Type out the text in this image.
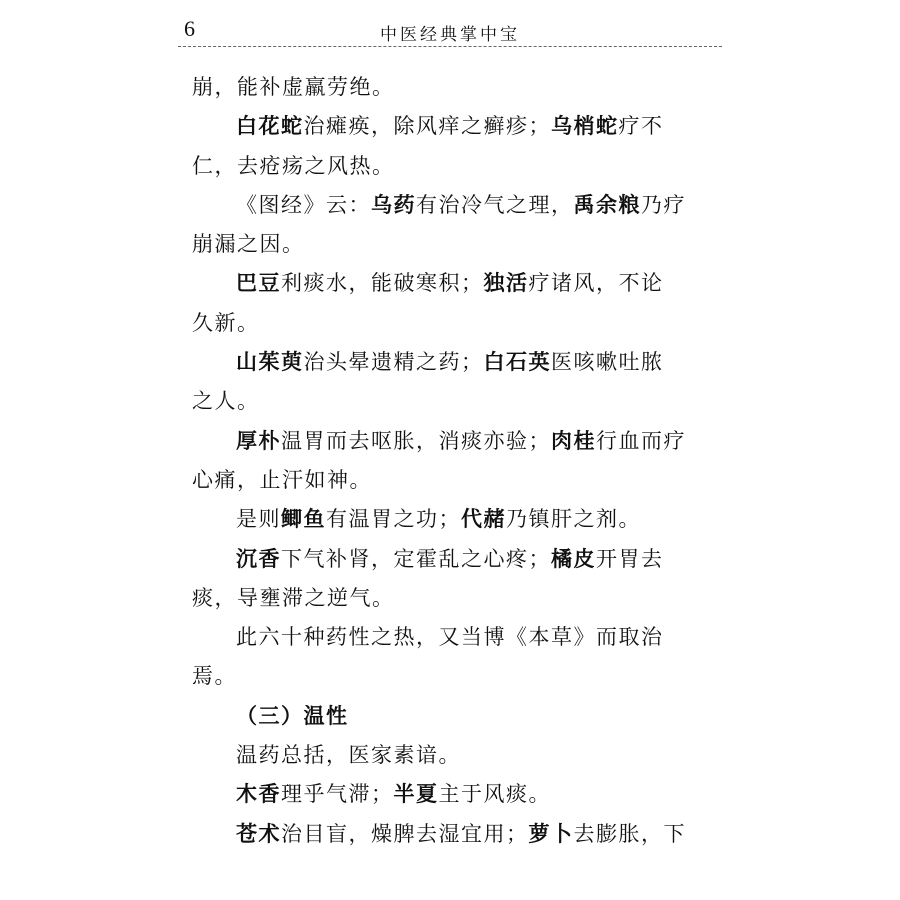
6	中医经典掌中宝
崩，能补虚羸劳绝。
白花蛇治瘫痪，除风痒之癣疹；乌梢蛇疗不
仁，去疮疡之风热。
《图经》云：乌药有治冷气之理，禹余粮乃疗
崩漏之因。
巴豆利痰水，能破寒积；独活疗诸风，不论
久新。
山茱萸治头晕遗精之药；白石英医咳嗽吐脓
之人。
厚朴温胃而去呕胀，消痰亦验；肉桂行血而疗
心痛，止汗如神。
是则鲫鱼有温胃之功；代赭乃镇肝之剂。
沉香下气补肾，定霍乱之心疼；橘皮开胃去
痰，导壅滞之逆气。
此六十种药性之热，又当博《本草》而取治
焉。
（三）温性
温药总括，医家素谙。
木香理乎气滞；半夏主于风痰。
苍术治目盲，燥脾去湿宜用；萝卜去膨胀，下
